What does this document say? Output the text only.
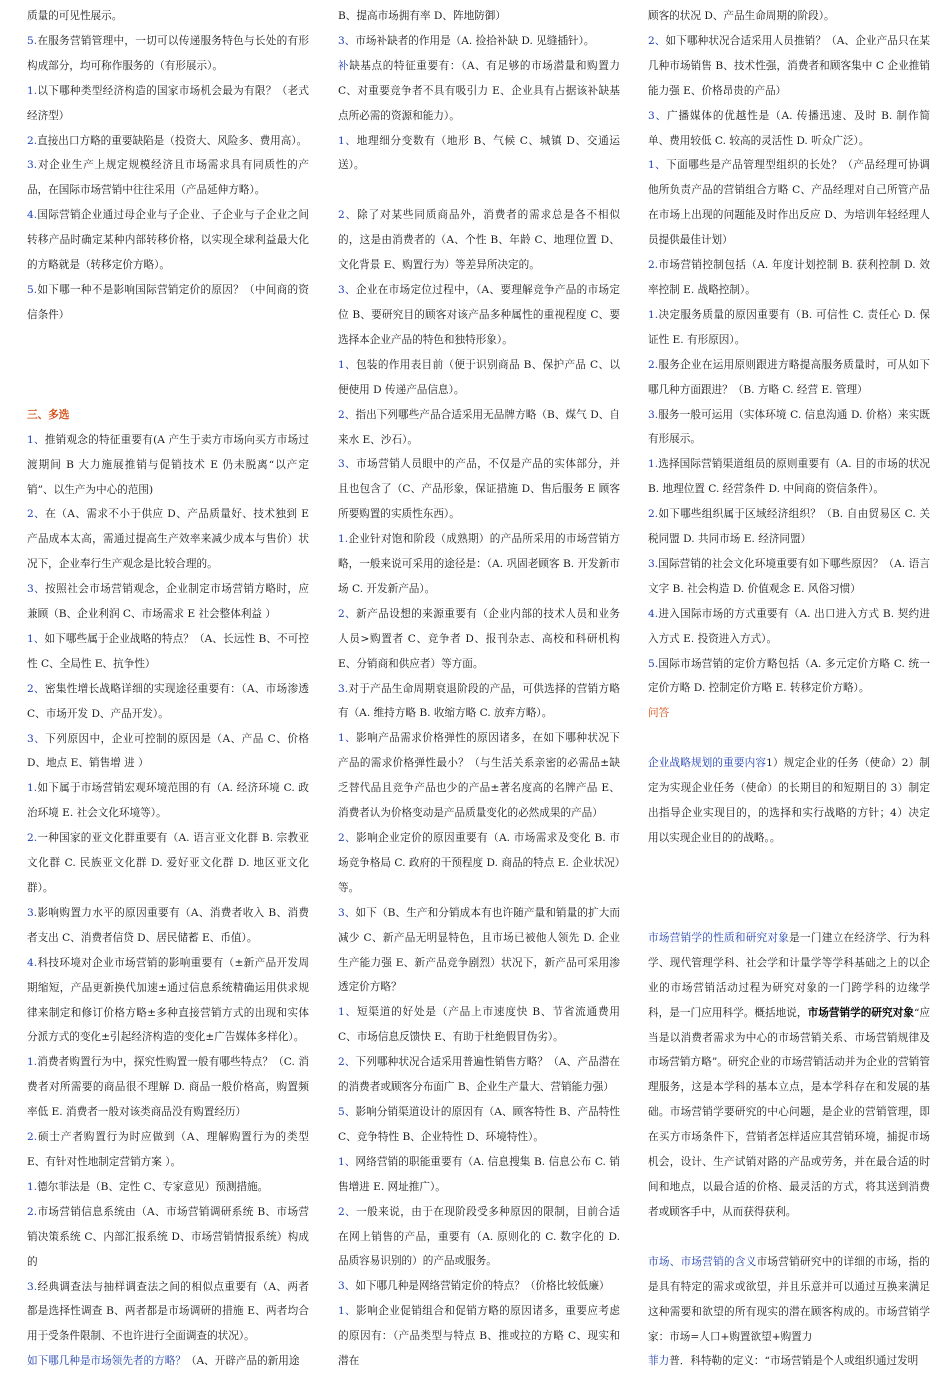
质量的可见性展示。

5.在服务营销管理中，一切可以传递服务特色与长处的有形构成部分，均可称作服务的（有形展示）。

1.以下哪种类型经济构造的国家市场机会最为有限？（老式经济型）

2.直接出口方略的重要缺陷是（投资大、风险多、费用高）。

3.对企业生产上规定规模经济且市场需求具有同质性的产品，在国际市场营销中往往采用（产品延伸方略）。

4.国际营销企业通过母企业与子企业、子企业与子企业之间转移产品时确定某种内部转移价格，以实现全球利益最大化的方略就是（转移定价方略）。

5.如下哪一种不是影响国际营销定价的原因？（中间商的资信条件）

三、多选

1、推销观念的特征重要有(A 产生于卖方市场向买方市场过渡期间 B 大力施展推销与促销技术 E 仍未脱离“以产定销”、以生产为中心的范围)

2、在（A、需求不小于供应 D、产品质量好、技术独到 E 产品成本太高，需通过提高生产效率来减少成本与售价）状况下，企业奉行生产观念是比较合理的。

3、按照社会市场营销观念，企业制定市场营销方略时，应兼顾（B、企业利润 C、市场需求 E 社会整体利益 ）

1、如下哪些属于企业战略的特点？（A、长远性 B、不可控性 C、全局性 E、抗争性）

2、密集性增长战略详细的实现途径重要有：（A、市场渗透 C、市场开发 D、产品开发）。

3、下列原因中，企业可控制的原因是（A、产品 C、价格 D、地点 E、销售增 进 ）

1.如下属于市场营销宏观环境范围的有（A. 经济环境 C. 政治环境 E. 社会文化环境等）。

2.一种国家的亚文化群重要有（A. 语言亚文化群 B. 宗教亚文化群 C. 民族亚文化群 D. 爱好亚文化群 D. 地区亚文化群）。

3.影响购置力水平的原因重要有（A、消费者收入 B、消费者支出 C、消费者信贷 D、居民储蓄 E、币值）。

4.科技环境对企业市场营销的影响重要有（±新产品开发周期缩短，产品更新换代加速±通过信息系统精确运用供求规律来制定和修订价格方略±多种直接营销方式的出现和实体分派方式的变化±引起经济构造的变化±广告媒体多样化）。

1.消费者购置行为中，探究性购置一般有哪些特点？（C. 消费者对所需要的商品很不理解 D. 商品一般价格高，购置频率低 E. 消费者一般对该类商品没有购置经历）

2.硕士产者购置行为时应做到（A、理解购置行为的类型 E、有针对性地制定营销方案 ）。

1.德尔菲法是（B、定性 C、专家意见）预测措施。

2.市场营销信息系统由（A、市场营销调研系统 B、市场营销决策系统 C、内部汇报系统 D、市场营销情报系统）构成的

3.经典调查法与抽样调查法之间的相似点重要有（A、两者都是选择性调查 B、两者都是市场调研的措施 E、两者均合用于受条件限制、不也许进行全面调查的状况）。

如下哪几种是市场领先者的方略？（A、开辟产品的新用途

B、提高市场拥有率 D、阵地防御）

3、市场补缺者的作用是（A. 捡拾补缺 D. 见缝插针）。

补缺基点的特征重要有：（A、有足够的市场潜量和购置力 C、对重要竞争者不具有吸引力 E、企业具有占据该补缺基点所必需的资源和能力）。

1、地理细分变数有（地形 B、气候 C、城镇 D、交通运送）。

2、除了对某些同质商品外，消费者的需求总是各不相似的，这是由消费者的（A、个性 B、年龄 C、地理位置 D、文化背景 E、购置行为）等差异所决定的。

3、企业在市场定位过程中，（A、要理解竞争产品的市场定位 B、要研究目的顾客对该产品多种属性的重视程度 C、要选择本企业产品的特色和独特形象）。

1、包装的作用表目前（便于识别商品 B、保护产品 C、以便使用 D 传递产品信息）。

2、指出下列哪些产品合适采用无品牌方略（B、煤气 D、自来水 E、沙石）。

3、市场营销人员眼中的产品，不仅是产品的实体部分，并且也包含了（C、产品形象，保证措施 D、售后服务 E 顾客所要购置的实质性东西）。

1.企业针对饱和阶段（成熟期）的产品所采用的市场营销方略，一般来说可采用的途径是：（A. 巩固老顾客 B. 开发新市场 C. 开发新产品）。

2、新产品设想的来源重要有（企业内部的技术人员和业务人员>购置者 C、竞争者 D、报刊杂志、高校和科研机构 E、分销商和供应者）等方面。

3.对于产品生命周期衰退阶段的产品，可供选择的营销方略有（A. 维持方略 B. 收缩方略 C. 放弃方略）。

1、影响产品需求价格弹性的原因诸多，在如下哪种状况下产品的需求价格弹性最小？（与生活关系亲密的必需品±缺乏替代品且竞争产品也少的产品±著名度高的名牌产品 E、消费者认为价格变动是产品质量变化的必然成果的产品）

2、影响企业定价的原因重要有（A. 市场需求及变化 B. 市场竞争格局 C. 政府的干预程度 D. 商品的特点 E. 企业状况）等。

3、如下（B、生产和分销成本有也许随产量和销量的扩大而减少 C、新产品无明显特色，且市场已被他人领先 D. 企业生产能力强 E、新产品竞争剧烈）状况下，新产品可采用渗透定价方略？

1、短渠道的好处是（产品上市速度快 B、节省流通费用 C、市场信息反馈快 E、有助于杜绝假冒伪劣）。

2、下列哪种状况合适采用普遍性销售方略？（A、产品潜在的消费者或顾客分布面广 B、企业生产量大、营销能力强）

5、影响分销渠道设计的原因有（A、顾客特性 B、产品特性 C、竞争特性 B、企业特性 D、环境特性）。

1、网络营销的职能重要有（A. 信息搜集 B. 信息公布 C. 销售增进 E. 网址推广）。

2、一般来说，由于在现阶段受多种原因的限制，目前合适在网上销售的产品，重要有（A. 原则化的 C. 数字化的 D. 品质容易识别的）的产品或服务。

3、如下哪几种是网络营销定价的特点？（价格比较低廉）

1、影响企业促销组合和促销方略的原因诸多，重要应考虑的原因有：（产品类型与特点 B、推或拉的方略 C、现实和潜在

顾客的状况 D、产品生命周期的阶段）。

2、如下哪种状况合适采用人员推销？（A、企业产品只在某几种市场销售 B、技术性强，消费者和顾客集中 C 企业推销能力强 E、价格昂贵的产品）

3、广播媒体的优越性是（A. 传播迅速、及时 B. 制作简单、费用较低 C. 较高的灵活性 D. 听众广泛）。

1、下面哪些是产品管理型组织的长处？（产品经理可协调他所负责产品的营销组合方略 C、产品经理对自己所管产品在市场上出现的问题能及时作出反应 D、为培训年轻经理人员提供最佳计划）

2.市场营销控制包括（A. 年度计划控制 B. 获利控制 D. 效率控制 E. 战略控制）。

1.决定服务质量的原因重要有（B. 可信性 C. 责任心 D. 保证性 E. 有形原因）。

2.服务企业在运用原则跟进方略提高服务质量时，可从如下哪几种方面跟进？（B. 方略 C. 经营 E. 管理）

3.服务一般可运用（实体环境 C. 信息沟通 D. 价格）来实既有形展示。

1.选择国际营销渠道组员的原则重要有（A. 目的市场的状况 B. 地理位置 C. 经营条件 D. 中间商的资信条件）。

2.如下哪些组织属于区域经济组织？（B. 自由贸易区 C. 关税同盟 D. 共同市场 E. 经济同盟）

3.国际营销的社会文化环境重要有如下哪些原因？（A. 语言文字 B. 社会构造 D. 价值观念 E. 风俗习惯）

4.进入国际市场的方式重要有（A. 出口进入方式 B. 契约进入方式 E. 投资进入方式）。

5.国际市场营销的定价方略包括（A. 多元定价方略 C. 统一定价方略 D. 控制定价方略 E. 转移定价方略）。

问答

企业战略规划的重要内容1）规定企业的任务（使命）2）制定为实现企业任务（使命）的长期目的和短期目的 3）制定出指导企业实现目的，的选择和实行战略的方针；4）决定用以实现企业目的的战略。。

市场营销学的性质和研究对象是一门建立在经济学、行为科学、现代管理学科、社会学和计量学等学科基础之上的以企业的市场营销活动过程为研究对象的一门跨学科的边缘学科，是一门应用科学。概括地说，市场营销学的研究对象“应当是以消费者需求为中心的市场营销关系、市场营销规律及市场营销方略”。研究企业的市场营销活动并为企业的营销管理服务，这是本学科的基本立点，是本学科存在和发展的基础。市场营销学要研究的中心问题，是企业的营销管理，即在买方市场条件下，营销者怎样适应其营销环境，捕捉市场机会，设计、生产试销对路的产品或劳务，并在最合适的时间和地点，以最合适的价格、最灵活的方式，将其送到消费者或顾客手中，从而获得获利。

市场、市场营销的含义市场营销研究中的详细的市场，指的是具有特定的需求或欲望，并且乐意并可以通过互换来满足这种需要和欲望的所有现实的潜在顾客构成的。市场营销学家：市场=人口+购置欲望+购置力

菲力普．科特勒的定义：“市场营销是个人或组织通过发明
